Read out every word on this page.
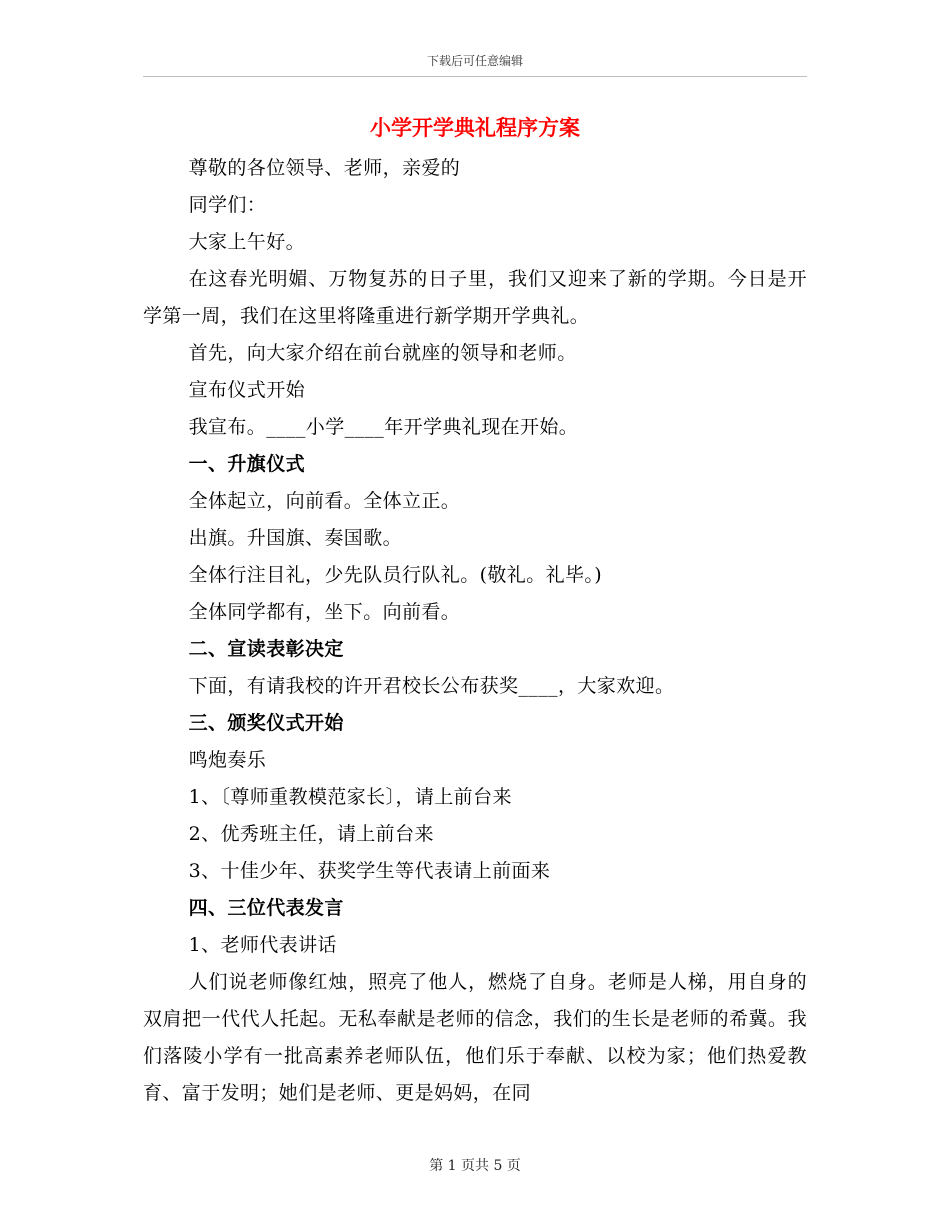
下载后可任意编辑
小学开学典礼程序方案

尊敬的各位领导、老师，亲爱的

同学们：

大家上午好。

在这春光明媚、万物复苏的日子里，我们又迎来了新的学期。今日是开学第一周，我们在这里将隆重进行新学期开学典礼。

首先，向大家介绍在前台就座的领导和老师。

宣布仪式开始

我宣布。____小学____年开学典礼现在开始。

一、升旗仪式

全体起立，向前看。全体立正。

出旗。升国旗、奏国歌。

全体行注目礼，少先队员行队礼。(敬礼。礼毕。)

全体同学都有，坐下。向前看。

二、宣读表彰决定

下面，有请我校的许开君校长公布获奖____，大家欢迎。

三、颁奖仪式开始

鸣炮奏乐

1、〔尊师重教模范家长〕，请上前台来

2、优秀班主任，请上前台来

3、十佳少年、获奖学生等代表请上前面来

四、三位代表发言

1、老师代表讲话

人们说老师像红烛，照亮了他人，燃烧了自身。老师是人梯，用自身的双肩把一代代人托起。无私奉献是老师的信念，我们的生长是老师的希冀。我们落陵小学有一批高素养老师队伍，他们乐于奉献、以校为家；他们热爱教育、富于发明；她们是老师、更是妈妈，在同

第 1 页共 5 页
